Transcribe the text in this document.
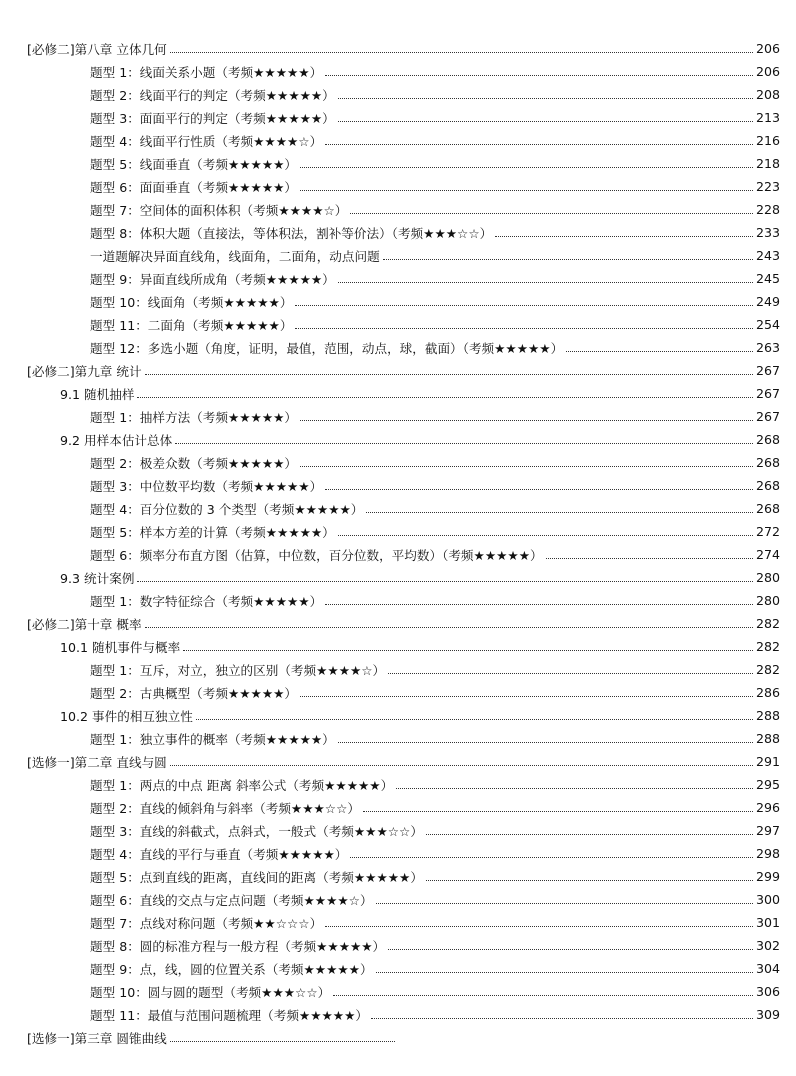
[必修二]第八章 立体几何	206
题型 1：线面关系小题（考频★★★★★）	206
题型 2：线面平行的判定（考频★★★★★）	208
题型 3：面面平行的判定（考频★★★★★）	213
题型 4：线面平行性质（考频★★★★☆）	216
题型 5：线面垂直（考频★★★★★）	218
题型 6：面面垂直（考频★★★★★）	223
题型 7：空间体的面积体积（考频★★★★☆）	228
题型 8：体积大题（直接法，等体积法，割补等价法）（考频★★★☆☆）	233
一道题解决异面直线角，线面角，二面角，动点问题	243
题型 9：异面直线所成角（考频★★★★★）	245
题型 10：线面角（考频★★★★★）	249
题型 11：二面角（考频★★★★★）	254
题型 12：多选小题（角度，证明，最值，范围，动点，球，截面）（考频★★★★★）	263
[必修二]第九章 统计	267
9.1 随机抽样	267
题型 1：抽样方法（考频★★★★★）	267
9.2 用样本估计总体	268
题型 2：极差众数（考频★★★★★）	268
题型 3：中位数平均数（考频★★★★★）	268
题型 4：百分位数的 3 个类型（考频★★★★★）	268
题型 5：样本方差的计算（考频★★★★★）	272
题型 6：频率分布直方图（估算，中位数，百分位数，平均数）（考频★★★★★）	274
9.3 统计案例	280
题型 1：数字特征综合（考频★★★★★）	280
[必修二]第十章 概率	282
10.1 随机事件与概率	282
题型 1：互斥，对立，独立的区别（考频★★★★☆）	282
题型 2：古典概型（考频★★★★★）	286
10.2 事件的相互独立性	288
题型 1：独立事件的概率（考频★★★★★）	288
[选修一]第二章 直线与圆	291
题型 1：两点的中点 距离 斜率公式（考频★★★★★）	295
题型 2：直线的倾斜角与斜率（考频★★★☆☆）	296
题型 3：直线的斜截式，点斜式，一般式（考频★★★☆☆）	297
题型 4：直线的平行与垂直（考频★★★★★）	298
题型 5：点到直线的距离，直线间的距离（考频★★★★★）	299
题型 6：直线的交点与定点问题（考频★★★★☆）	300
题型 7：点线对称问题（考频★★☆☆☆）	301
题型 8：圆的标准方程与一般方程（考频★★★★★）	302
题型 9：点，线，圆的位置关系（考频★★★★★）	304
题型 10：圆与圆的题型（考频★★★☆☆）	306
题型 11：最值与范围问题梳理（考频★★★★★）	309
[选修一]第三章 圆锥曲线
